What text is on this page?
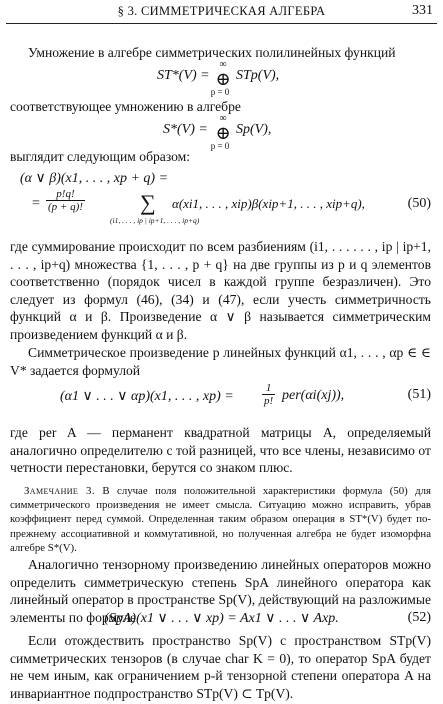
§ 3. СИММЕТРИЧЕСКАЯ АЛГЕБРА	331

Умножение в алгебре симметрических полилинейных функций

ST*(V) =
∞
⊕
p = 0
STp(V),

соответствующее умножению в алгебре

S*(V) =
∞
⊕
p = 0
Sp(V),

выглядит следующим образом:

(α ∨ β)(x1, . . . , xp + q) =
= $\frac{p!q!}{(p + q)!}$	∑
(i1, . . . , ip | ip+1, . . . , ip+q)
α(xi1, . . . , xip)β(xip+1, . . . , xip+q),	(50)

где суммирование происходит по всем разбиениям (i1, . . . . . . , ip | ip+1, . . . , ip+q) множества {1, . . . , p + q} на две группы из p и q элементов соответственно (порядок чисел в каждой группе безразличен). Это следует из формул (46), (34) и (47), если учесть симметричность функций α и β. Произведение α ∨ β называется симметрическим произведением функций α и β.

Симметрическое произведение p линейных функций α1, . . . , αp ∈ ∈ V* задается формулой

(α1 ∨ . . . ∨ αp)(x1, . . . , xp) =	$\frac{1}{p!} per(\alpha i(xj))$,	(51)

где per A — перманент квадратной матрицы A, определяемый аналогично определителю с той разницей, что все члены, независимо от четности перестановки, берутся со знаком плюс.

Замечание 3. В случае поля положительной характеристики формула (50) для симметрического произведения не имеет смысла. Ситуацию можно исправить, убрав коэффициент перед суммой. Определенная таким образом операция в ST*(V) будет по-прежнему ассоциативной и коммутативной, но полученная алгебра не будет изоморфна алгебре S*(V).

Аналогично тензорному произведению линейных операторов можно определить симметрическую степень SpA линейного оператора как линейный оператор в пространстве Sp(V), действующий на разложимые элементы по формуле

(SpA)(x1 ∨ . . . ∨ xp) = Ax1 ∨ . . . ∨ Axp.	(52)

Если отождествить пространство Sp(V) с пространством STp(V) симметрических тензоров (в случае char K = 0), то оператор SpA будет не чем иным, как ограничением p-й тензорной степени оператора A на инвариантное подпространство STp(V) ⊂ Tp(V).
